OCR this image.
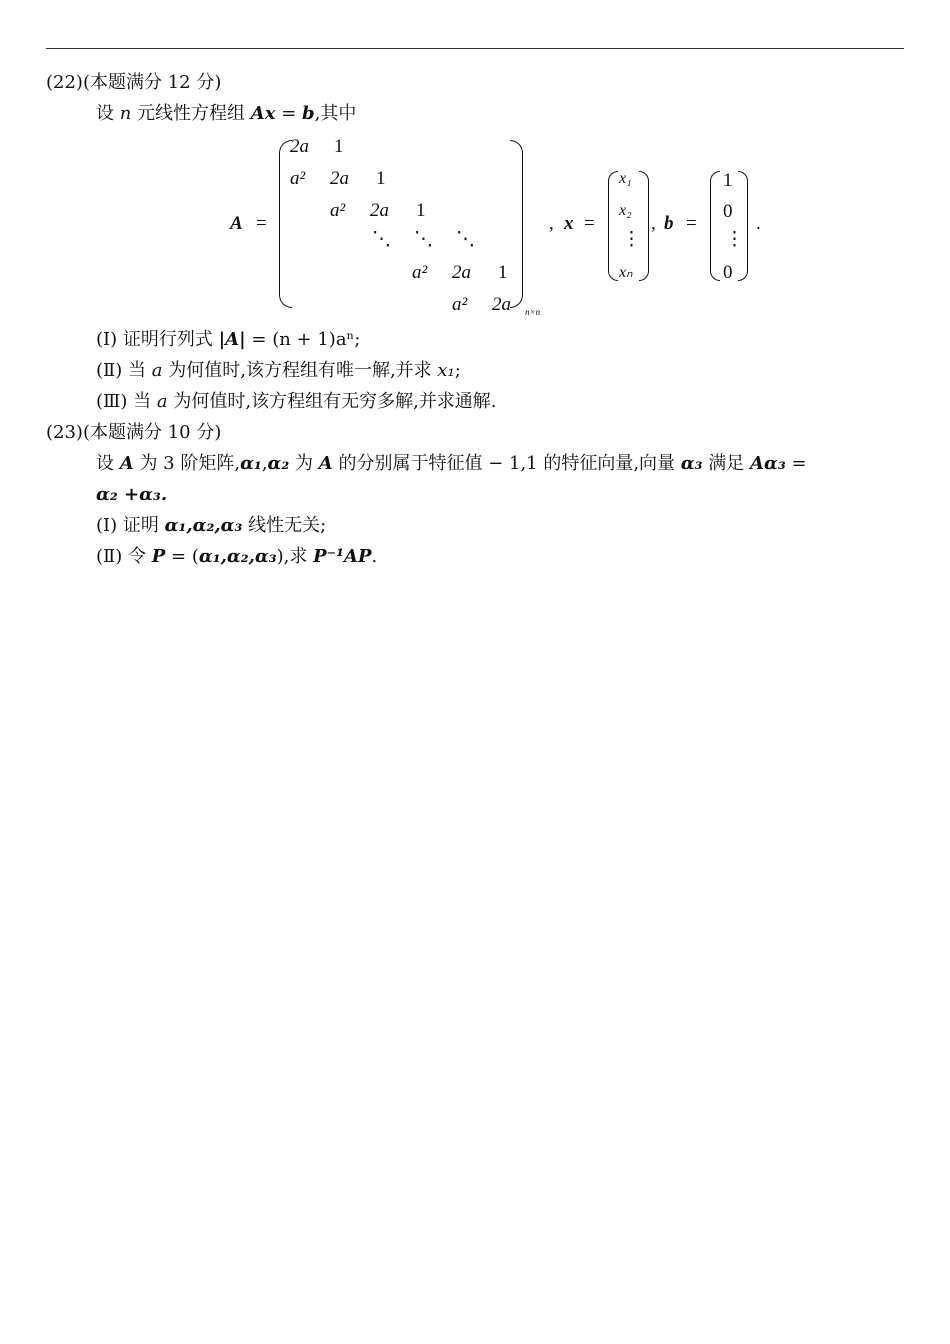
(22)(本题满分 12 分)
设 n 元线性方程组 Ax = b,其中
A =
2a 1
a² 2a 1
a² 2a 1
⋱ ⋱ ⋱
a² 2a 1
a² 2a n×n
, x =
x₁
x₂
⋮
xₙ
, b =
1
0
⋮
0
.
(Ⅰ) 证明行列式 |A| = (n + 1)aⁿ;
(Ⅱ) 当 a 为何值时,该方程组有唯一解,并求 x₁;
(Ⅲ) 当 a 为何值时,该方程组有无穷多解,并求通解.
(23)(本题满分 10 分)
设 A 为 3 阶矩阵,α₁,α₂ 为 A 的分别属于特征值 − 1,1 的特征向量,向量 α₃ 满足 Aα₃ =
α₂ +α₃.
(Ⅰ) 证明 α₁,α₂,α₃ 线性无关;
(Ⅱ) 令 P = (α₁,α₂,α₃),求 P⁻¹AP.
